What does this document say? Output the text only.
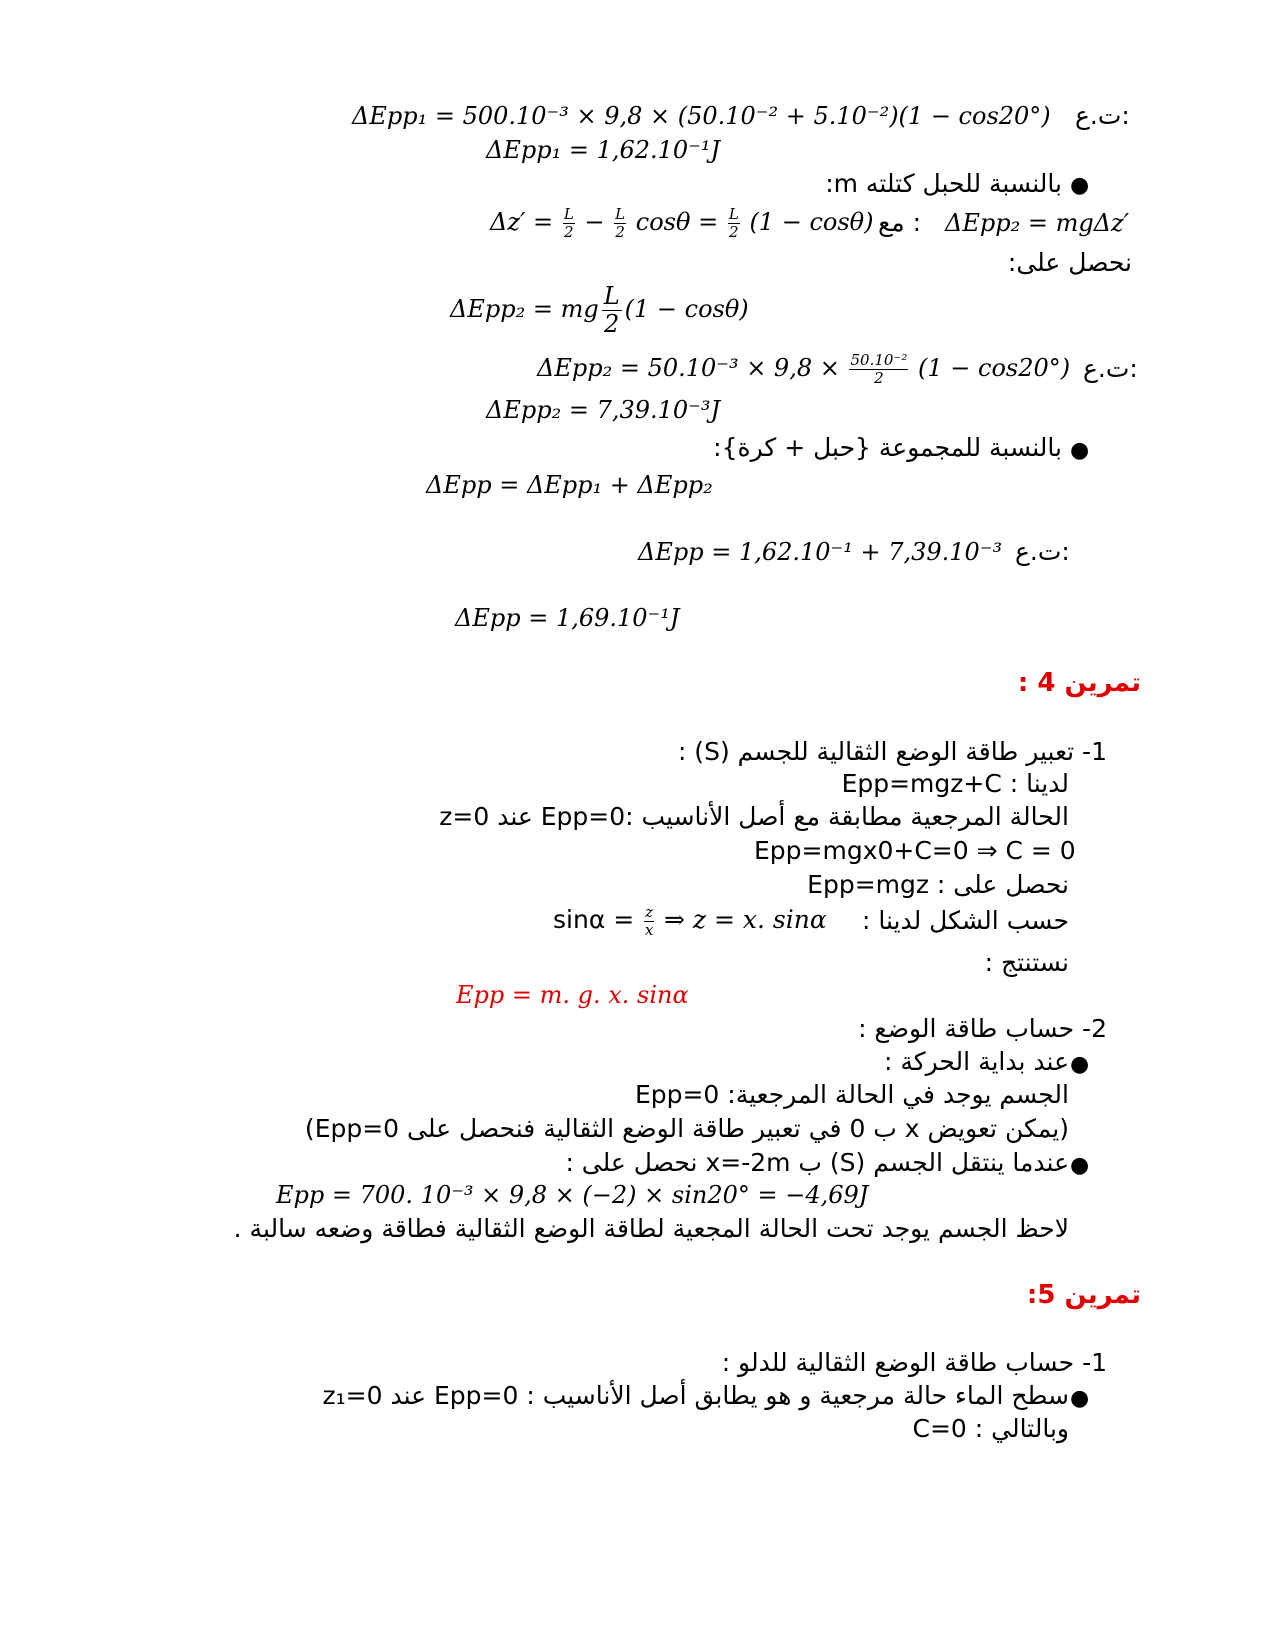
ت.ع:
ΔEpp₁ = 500.10⁻³ × 9,8 × (50.10⁻² + 5.10⁻²)(1 − cos20°)
ΔEpp₁ = 1,62.10⁻¹J
●
بالنسبة للحبل كتلته m:
ΔEpp₂ = mgΔz′
مع :
$\Delta z' = \frac{L}{2} - \frac{L}{2}$ $\cos\theta = \frac{L}{2} (1 - \cos\theta)$
نحصل على:
ΔEpp₂ = mg $\frac{L}{2} (1 - \cos\theta)$
ت.ع:
$\Delta Epp_2 = 50.10^{-3} \times 9,8 \times \frac{\text{50.10⁻²}}{2} (1 - \cos 20^\circ)$
ΔEpp₂ = 7,39.10⁻³J
●
بالنسبة للمجموعة {حبل + كرة}:
ΔEpp = ΔEpp₁ + ΔEpp₂
ت.ع:
ΔEpp = 1,62.10⁻¹ + 7,39.10⁻³
ΔEpp = 1,69.10⁻¹J
تمرين 4 :
1- تعبير طاقة الوضع الثقالية للجسم (S) :
لدينا : Epp=mgz+C
الحالة المرجعية مطابقة مع أصل الأناسيب :Epp=0 عند z=0
Epp=mgx0+C=0 ⇒ C = 0
نحصل على : Epp=mgz
حسب الشكل لدينا :
$\sin\alpha = \frac{z}{x}$ ⇒ z = x. sinα
نستنتج :
Epp = m. g. x. sinα
2- حساب طاقة الوضع :
●
عند بداية الحركة :
الجسم يوجد في الحالة المرجعية: Epp=0
(يمكن تعويض x ب 0 في تعبير طاقة الوضع الثقالية فنحصل على Epp=0)
●
عندما ينتقل الجسم (S) ب x=-2m نحصل على :
Epp = 700. 10⁻³ × 9,8 × (−2) × sin20° = −4,69J
لاحظ الجسم يوجد تحت الحالة المجعية لطاقة الوضع الثقالية فطاقة وضعه سالبة .
تمرين 5:
1- حساب طاقة الوضع الثقالية للدلو :
●
سطح الماء حالة مرجعية و هو يطابق أصل الأناسيب : Epp=0 عند z₁=0
وبالتالي : C=0
